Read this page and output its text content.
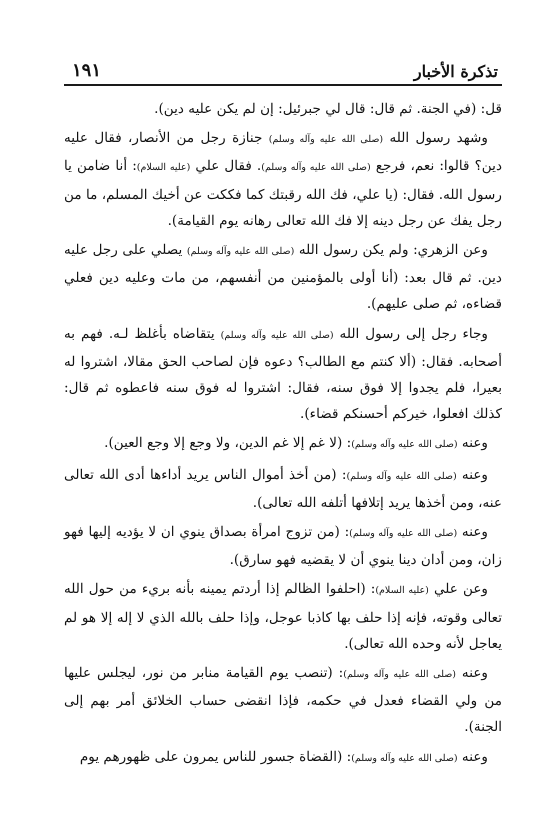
تذكرة الأخبار
١٩١

قل: (في الجنة. ثم قال: قال لي جبرئيل: إن لم يكن عليه دين).

وشهد رسول الله (صلى الله عليه وآله وسلم) جنازة رجل من الأنصار، فقال عليه دين؟ قالوا: نعم، فرجع (صلى الله عليه وآله وسلم). فقال علي (عليه السلام): أنا ضامن يا رسول الله. فقال: (يا علي، فك الله رقبتك كما فككت عن أخيك المسلم، ما من رجل يفك عن رجل دينه إلا فك الله تعالى رهانه يوم القيامة).

وعن الزهري: ولم يكن رسول الله (صلى الله عليه وآله وسلم) يصلي على رجل عليه دين. ثم قال بعد: (أنا أولى بالمؤمنين من أنفسهم، من مات وعليه دين فعلي قضاءه، ثم صلى عليهم).

وجاء رجل إلى رسول الله (صلى الله عليه وآله وسلم) يتقاضاه بأغلظ لـه. فهم به أصحابه. فقال: (ألا كنتم مع الطالب؟ دعوه فإن لصاحب الحق مقالا، اشتروا له بعيرا، فلم يجدوا إلا فوق سنه، فقال: اشتروا له فوق سنه فاعطوه ثم قال: كذلك افعلوا، خيركم أحسنكم قضاء).

وعنه (صلى الله عليه وآله وسلم): (لا غم إلا غم الدين، ولا وجع إلا وجع العين).

وعنه (صلى الله عليه وآله وسلم): (من أخذ أموال الناس يريد أداءها أدى الله تعالى عنه، ومن أخذها يريد إتلافها أتلفه الله تعالى).

وعنه (صلى الله عليه وآله وسلم): (من تزوج امرأة بصداق ينوي ان لا يؤديه إليها فهو زان، ومن أدان دينا ينوي أن لا يقضيه فهو سارق).

وعن علي (عليه السلام): (احلفوا الظالم إذا أردتم يمينه بأنه بريء من حول الله تعالى وقوته، فإنه إذا حلف بها كاذبا عوجل، وإذا حلف بالله الذي لا إله إلا هو لم يعاجل لأنه وحده الله تعالى).

وعنه (صلى الله عليه وآله وسلم): (تنصب يوم القيامة منابر من نور، ليجلس عليها من ولي القضاء فعدل في حكمه، فإذا انقضى حساب الخلائق أمر بهم إلى الجنة).

وعنه (صلى الله عليه وآله وسلم): (القضاة جسور للناس يمرون على ظهورهم يوم
